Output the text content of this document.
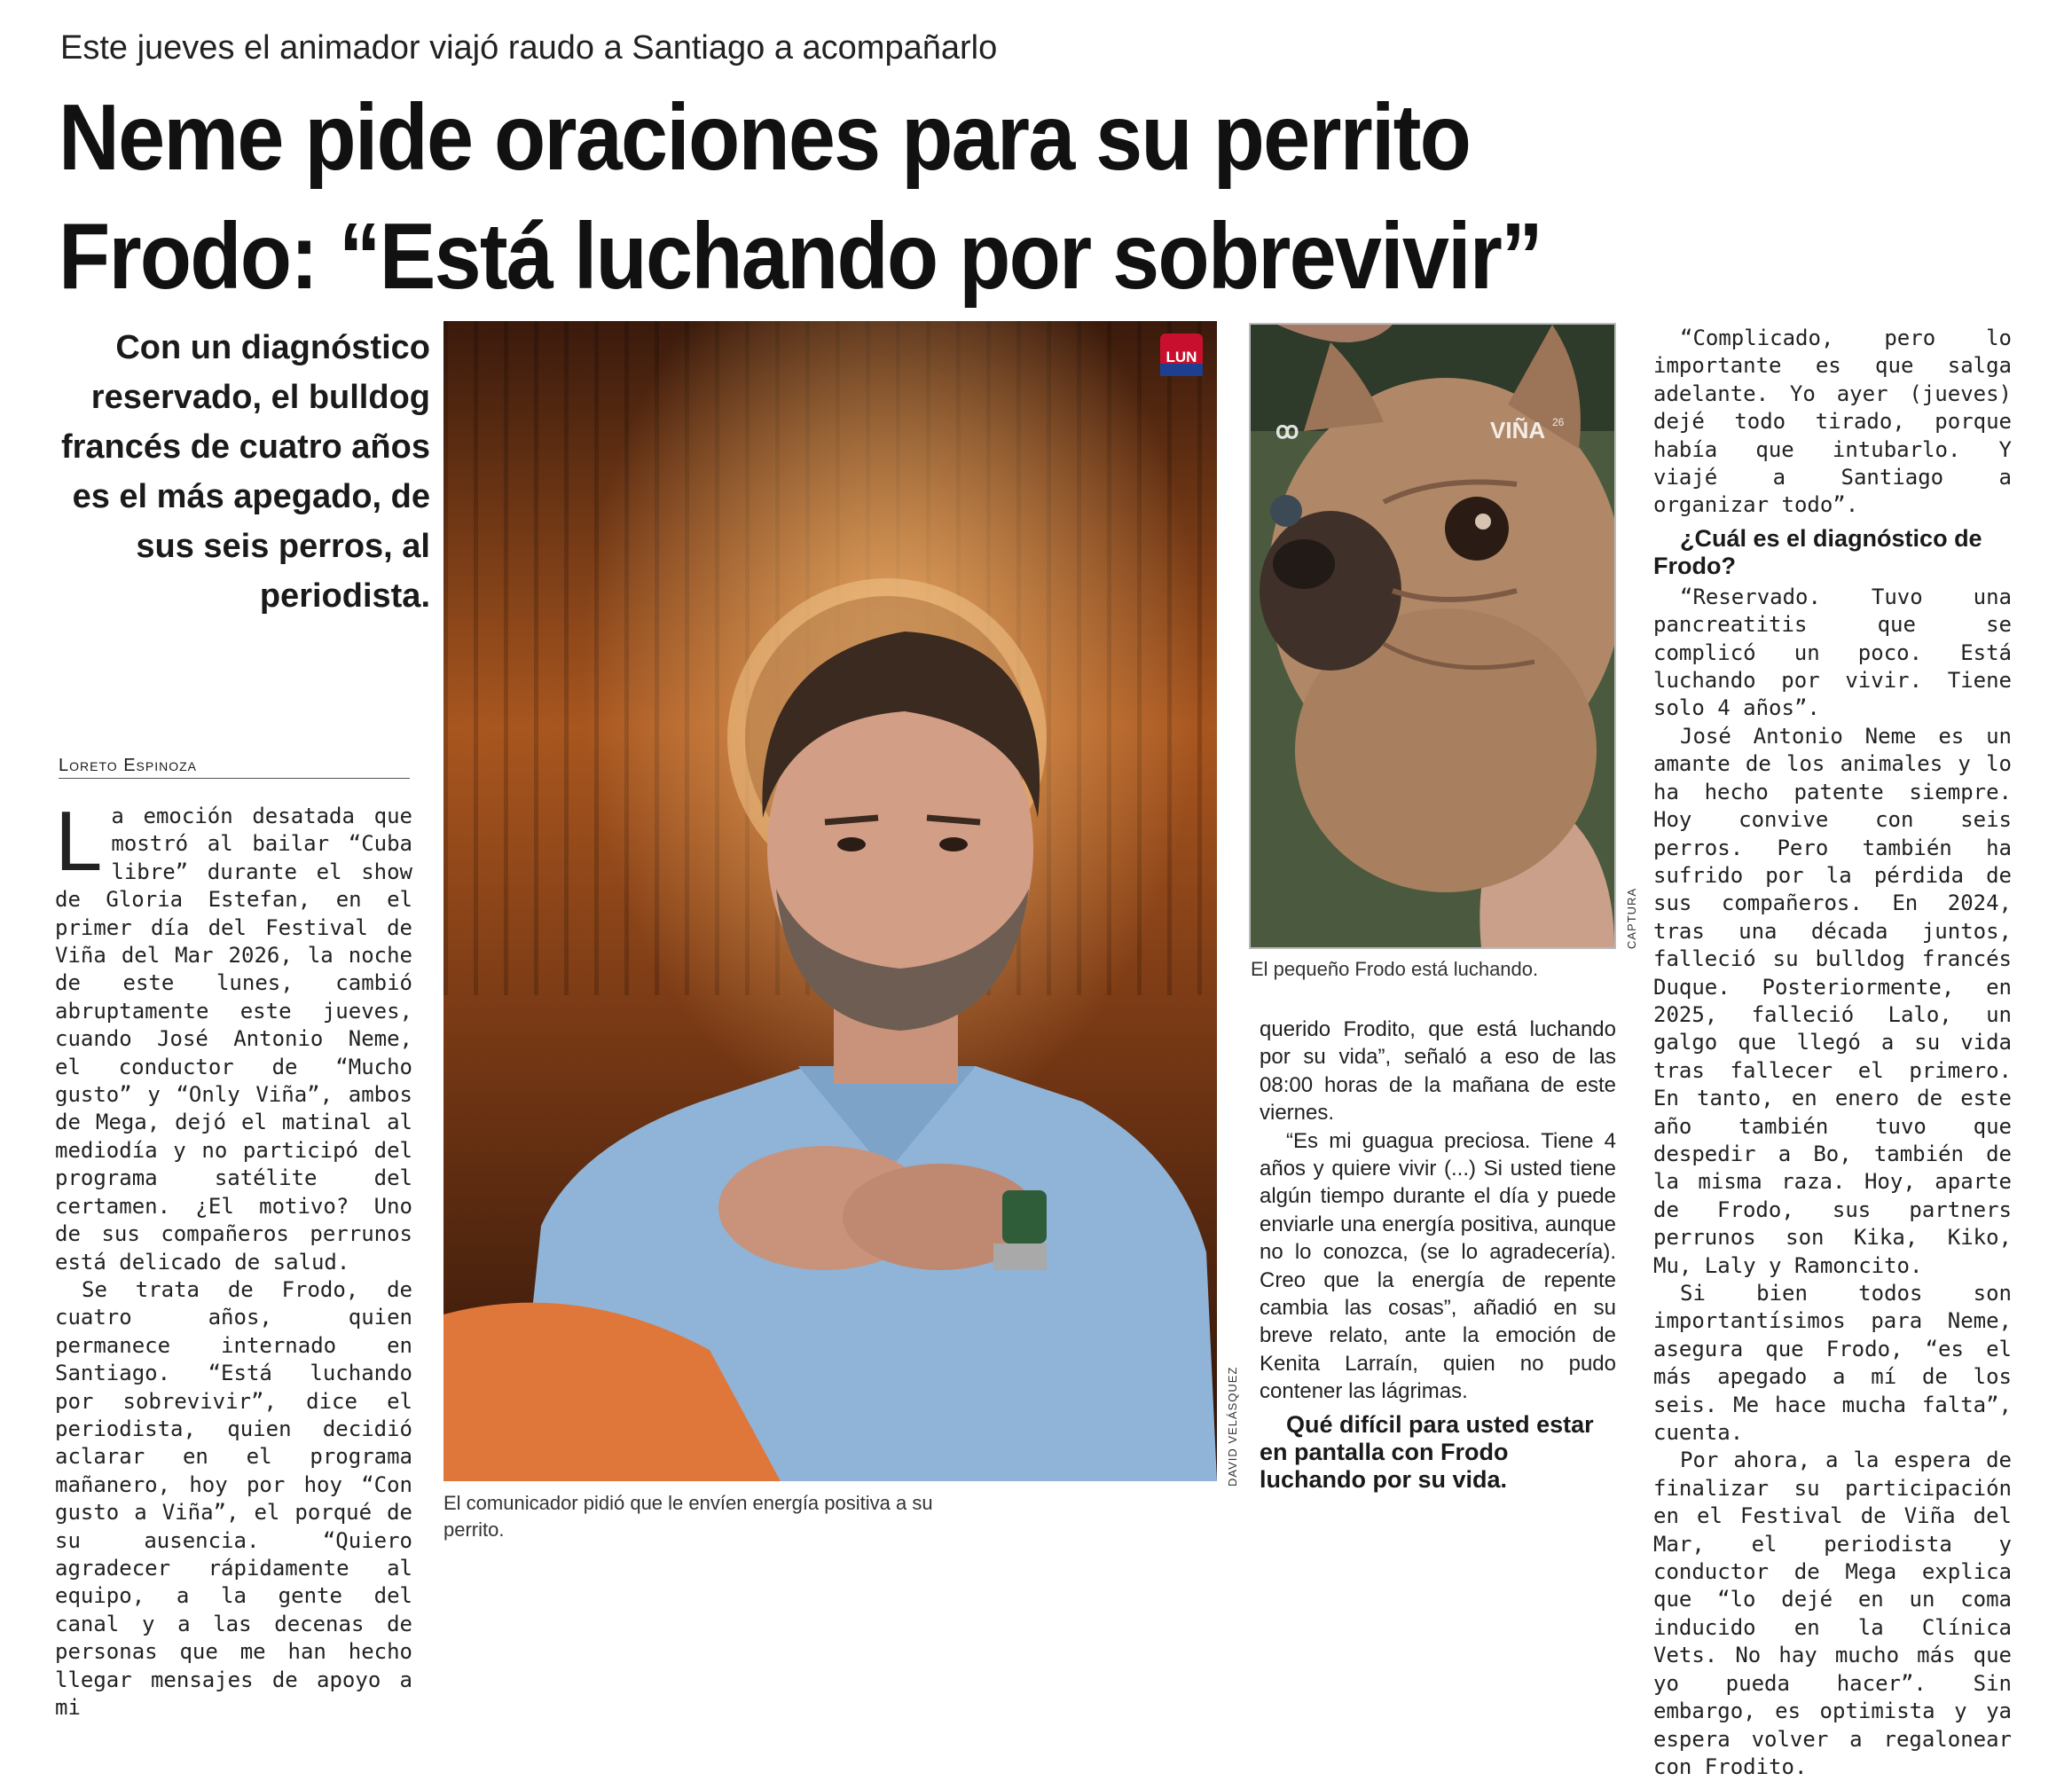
Este jueves el animador viajó raudo a Santiago a acompañarlo
Neme pide oraciones para su perrito
Frodo: “Está luchando por sobrevivir”
Con un diagnóstico reservado, el bulldog francés de cuatro años es el más apegado, de sus seis perros, al periodista.
Loreto Espinoza

La emoción desatada que mostró al bailar “Cuba libre” durante el show de Gloria Estefan, en el primer día del Festival de Viña del Mar 2026, la noche de este lunes, cambió abruptamente este jueves, cuando José Antonio Neme, el conductor de “Mucho gusto” y “Only Viña”, ambos de Mega, dejó el matinal al mediodía y no participó del programa satélite del certamen. ¿El motivo? Uno de sus compañeros perrunos está delicado de salud.

Se trata de Frodo, de cuatro años, quien permanece internado en Santiago. “Está luchando por sobrevivir”, dice el periodista, quien decidió aclarar en el programa mañanero, hoy por hoy “Con gusto a Viña”, el porqué de su ausencia. “Quiero agradecer rápidamente al equipo, a la gente del canal y a las decenas de personas que me han hecho llegar mensajes de apoyo a mi

LUN
DAVID VELÁSQUEZ
El comunicador pidió que le envíen energía positiva a su perrito.
ꝏ	VIÑA 26
CAPTURA
El pequeño Frodo está luchando.

querido Frodito, que está luchando por su vida”, señaló a eso de las 08:00 horas de la mañana de este viernes.

“Es mi guagua preciosa. Tiene 4 años y quiere vivir (...) Si usted tiene algún tiempo durante el día y puede enviarle una energía positiva, aunque no lo conozca, (se lo agradecería). Creo que la energía de repente cambia las cosas”, añadió en su breve relato, ante la emoción de Kenita Larraín, quien no pudo contener las lágrimas.

Qué difícil para usted estar en pantalla con Frodo luchando por su vida.

“Complicado, pero lo importante es que salga adelante. Yo ayer (jueves) dejé todo tirado, porque había que intubarlo. Y viajé a Santiago a organizar todo”.

¿Cuál es el diagnóstico de Frodo?

“Reservado. Tuvo una pancreatitis que se complicó un poco. Está luchando por vivir. Tiene solo 4 años”.

José Antonio Neme es un amante de los animales y lo ha hecho patente siempre. Hoy convive con seis perros. Pero también ha sufrido por la pérdida de sus compañeros. En 2024, tras una década juntos, falleció su bulldog francés Duque. Posteriormente, en 2025, falleció Lalo, un galgo que llegó a su vida tras fallecer el primero. En tanto, en enero de este año también tuvo que despedir a Bo, también de la misma raza. Hoy, aparte de Frodo, sus partners perrunos son Kika, Kiko, Mu, Laly y Ramoncito.

Si bien todos son importantísimos para Neme, asegura que Frodo, “es el más apegado a mí de los seis. Me hace mucha falta”, cuenta.

Por ahora, a la espera de finalizar su participación en el Festival de Viña del Mar, el periodista y conductor de Mega explica que “lo dejé en un coma inducido en la Clínica Vets. No hay mucho más que yo pueda hacer”. Sin embargo, es optimista y ya espera volver a regalonear con Frodito.
